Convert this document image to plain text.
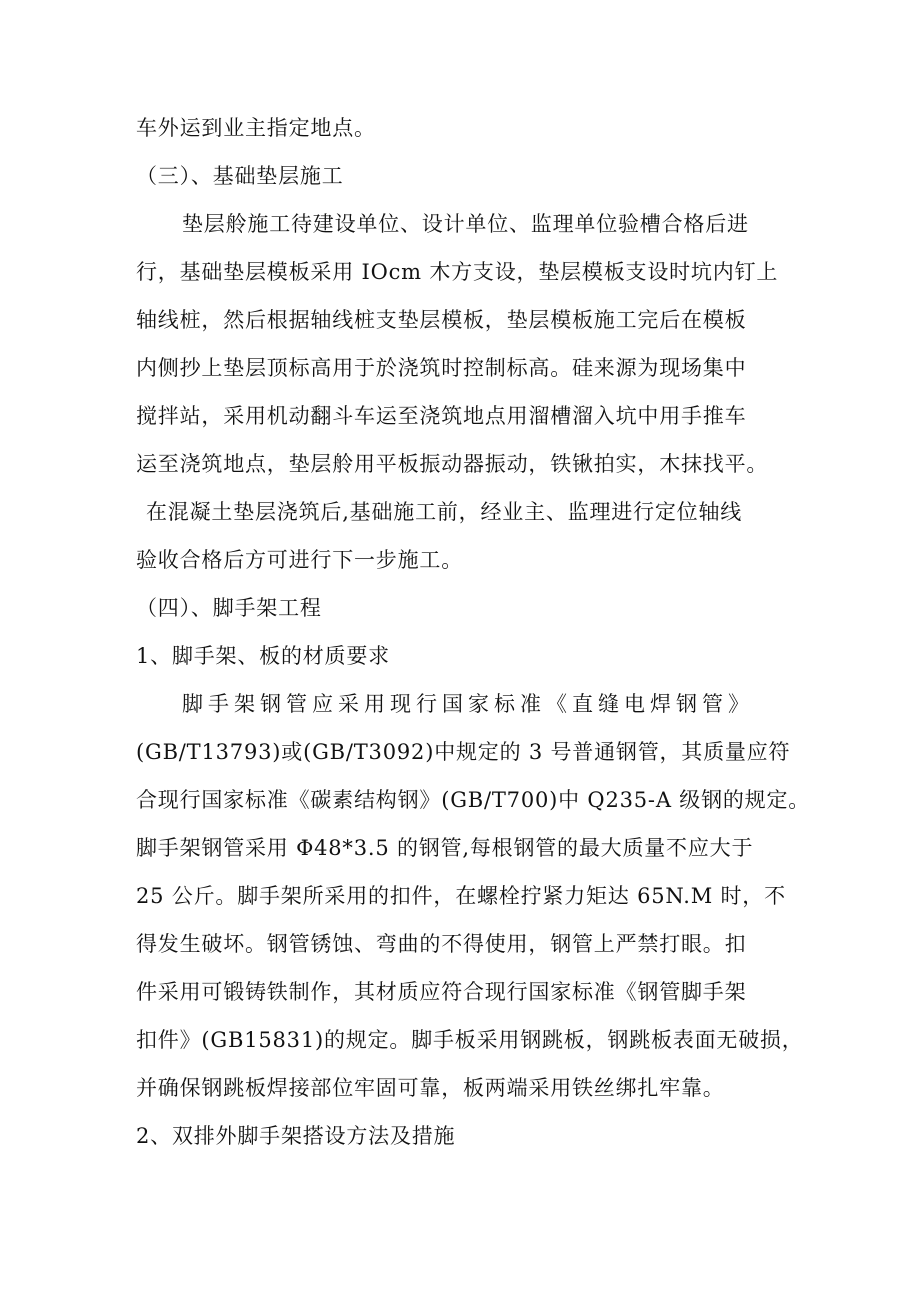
车外运到业主指定地点。
（三）、基础垫层施工
垫层舲施工待建设单位、设计单位、监理单位验槽合格后进
行，基础垫层模板采用 IOcm 木方支设，垫层模板支设时坑内钉上
轴线桩，然后根据轴线桩支垫层模板，垫层模板施工完后在模板
内侧抄上垫层顶标高用于於浇筑时控制标高。硅来源为现场集中
搅拌站，采用机动翻斗车运至浇筑地点用溜槽溜入坑中用手推车
运至浇筑地点，垫层舲用平板振动器振动，铁锹拍实，木抹找平。
在混凝土垫层浇筑后,基础施工前，经业主、监理进行定位轴线
验收合格后方可进行下一步施工。
（四）、脚手架工程
1、脚手架、板的材质要求
脚手架钢管应采用现行国家标准《直缝电焊钢管》
(GB/T13793)或(GB/T3092)中规定的 3 号普通钢管，其质量应符
合现行国家标准《碳素结构钢》(GB/T700)中 Q235-A 级钢的规定。
脚手架钢管采用 Φ48*3.5 的钢管,每根钢管的最大质量不应大于
25 公斤。脚手架所采用的扣件，在螺栓拧紧力矩达 65N.M 时，不
得发生破坏。钢管锈蚀、弯曲的不得使用，钢管上严禁打眼。扣
件采用可锻铸铁制作，其材质应符合现行国家标准《钢管脚手架
扣件》(GB15831)的规定。脚手板采用钢跳板，钢跳板表面无破损，
并确保钢跳板焊接部位牢固可靠，板两端采用铁丝绑扎牢靠。
2、双排外脚手架搭设方法及措施
